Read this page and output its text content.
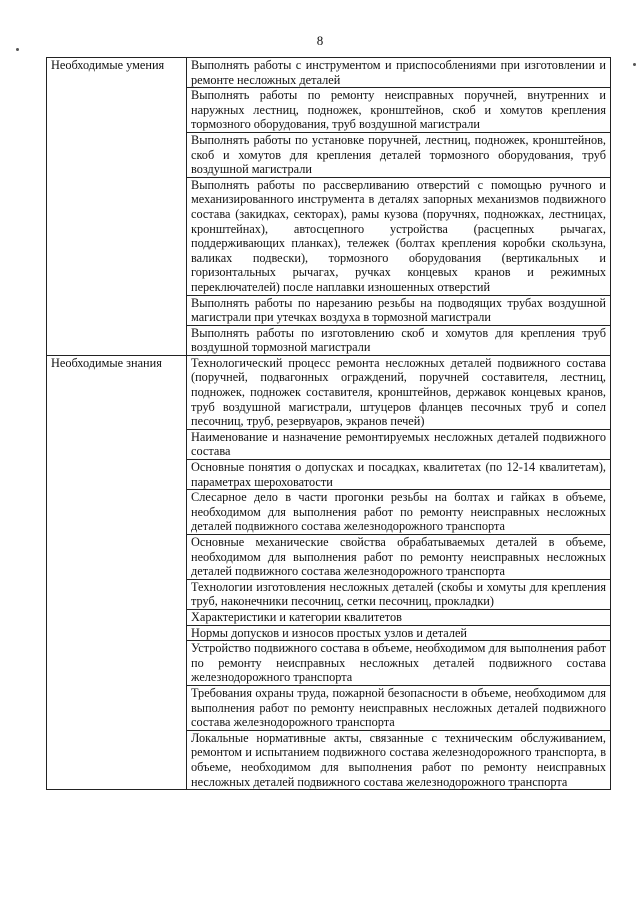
8
Необходимые умения	Выполнять работы с инструментом и приспособлениями при изготовлении и ремонте несложных деталей
	Выполнять работы по ремонту неисправных поручней, внутренних и наружных лестниц, подножек, кронштейнов, скоб и хомутов крепления тормозного оборудования, труб воздушной магистрали
	Выполнять работы по установке поручней, лестниц, подножек, кронштейнов, скоб и хомутов для крепления деталей тормозного оборудования, труб воздушной магистрали
	Выполнять работы по рассверливанию отверстий с помощью ручного и механизированного инструмента в деталях запорных механизмов подвижного состава (закидках, секторах), рамы кузова (поручнях, подножках, лестницах, кронштейнах), автосцепного устройства (расцепных рычагах, поддерживающих планках), тележек (болтах крепления коробки скользуна, валиках подвески), тормозного оборудования (вертикальных и горизонтальных рычагах, ручках концевых кранов и режимных переключателей) после наплавки изношенных отверстий
	Выполнять работы по нарезанию резьбы на подводящих трубах воздушной магистрали при утечках воздуха в тормозной магистрали
	Выполнять работы по изготовлению скоб и хомутов для крепления труб воздушной тормозной магистрали
Необходимые знания	Технологический процесс ремонта несложных деталей подвижного состава (поручней, подвагонных ограждений, поручней составителя, лестниц, подножек, подножек составителя, кронштейнов, державок концевых кранов, труб воздушной магистрали, штуцеров фланцев песочных труб и сопел песочниц, труб, резервуаров, экранов печей)
	Наименование и назначение ремонтируемых несложных деталей подвижного состава
	Основные понятия о допусках и посадках, квалитетах (по 12-14 квалитетам), параметрах шероховатости
	Слесарное дело в части прогонки резьбы на болтах и гайках в объеме, необходимом для выполнения работ по ремонту неисправных несложных деталей подвижного состава железнодорожного транспорта
	Основные механические свойства обрабатываемых деталей в объеме, необходимом для выполнения работ по ремонту неисправных несложных деталей подвижного состава железнодорожного транспорта
	Технологии изготовления несложных деталей (скобы и хомуты для крепления труб, наконечники песочниц, сетки песочниц, прокладки)
	Характеристики и категории квалитетов
	Нормы допусков и износов простых узлов и деталей
	Устройство подвижного состава в объеме, необходимом для выполнения работ по ремонту неисправных несложных деталей подвижного состава железнодорожного транспорта
	Требования охраны труда, пожарной безопасности в объеме, необходимом для выполнения работ по ремонту неисправных несложных деталей подвижного состава железнодорожного транспорта
	Локальные нормативные акты, связанные с техническим обслуживанием, ремонтом и испытанием подвижного состава железнодорожного транспорта, в объеме, необходимом для выполнения работ по ремонту неисправных несложных деталей подвижного состава железнодорожного транспорта
